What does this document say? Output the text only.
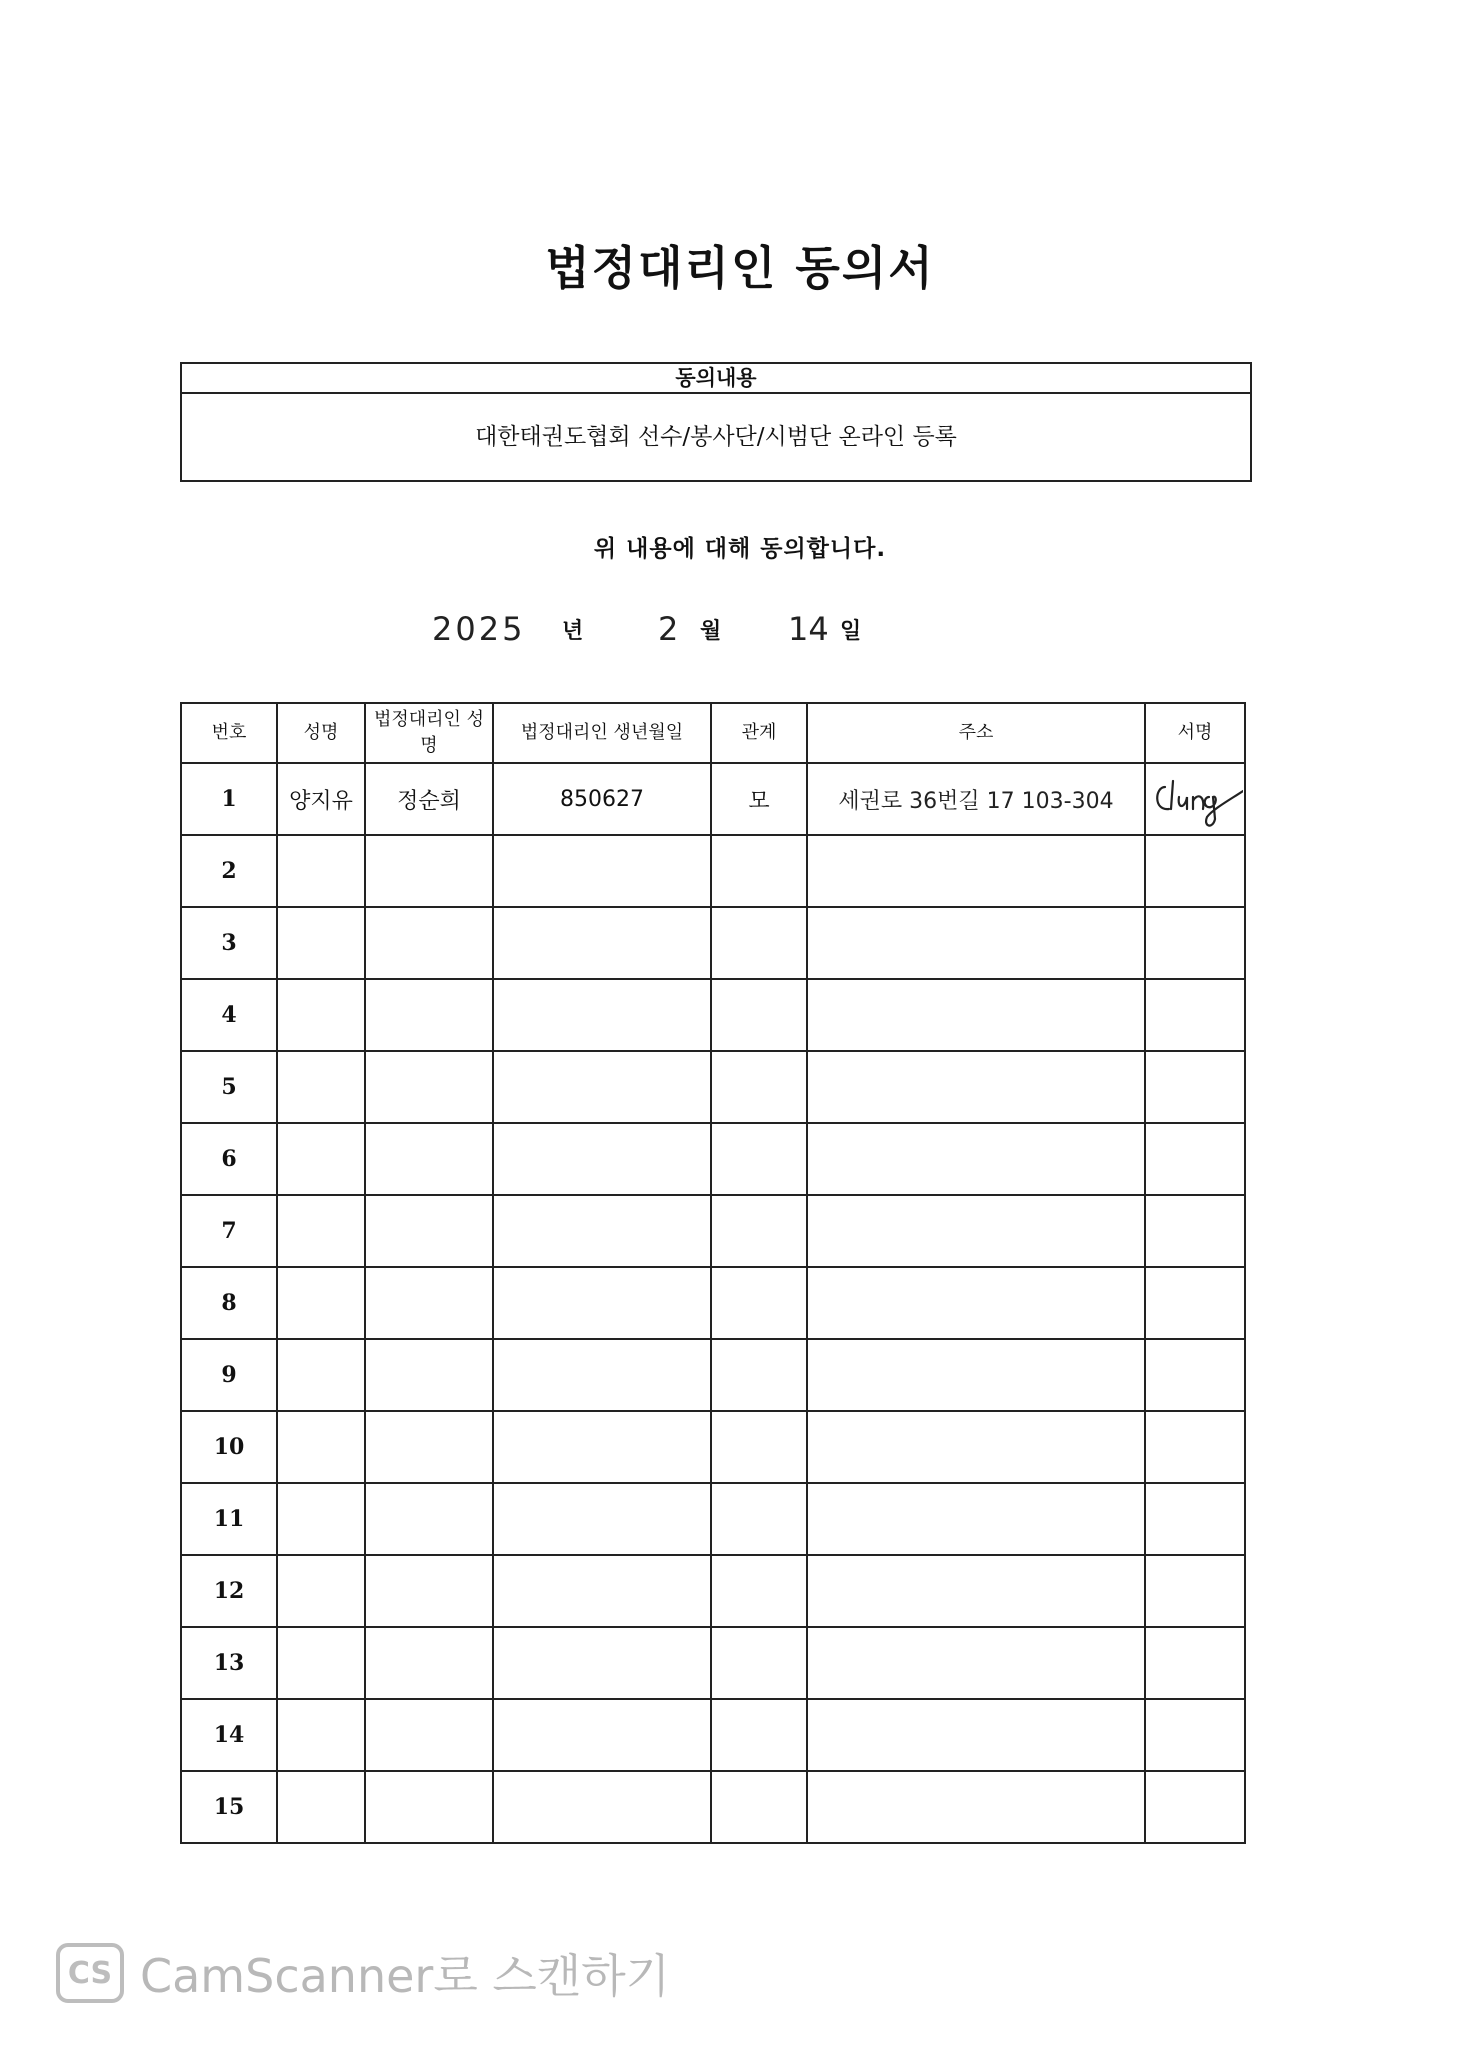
법정대리인 동의서
동의내용
대한태권도협회 선수/봉사단/시범단 온라인 등록
위 내용에 대해 동의합니다.
2025 년 2 월 14 일
번호	성명	법정대리인 성명	법정대리인 생년월일	관계	주소	서명
1	양지유	정순희	850627	모	세권로 36번길 17 103-304	

2						
3						
4						
5						
6						
7						
8						
9						
10						
11						
12						
13						
14						
15						
CS CamScanner로 스캔하기
